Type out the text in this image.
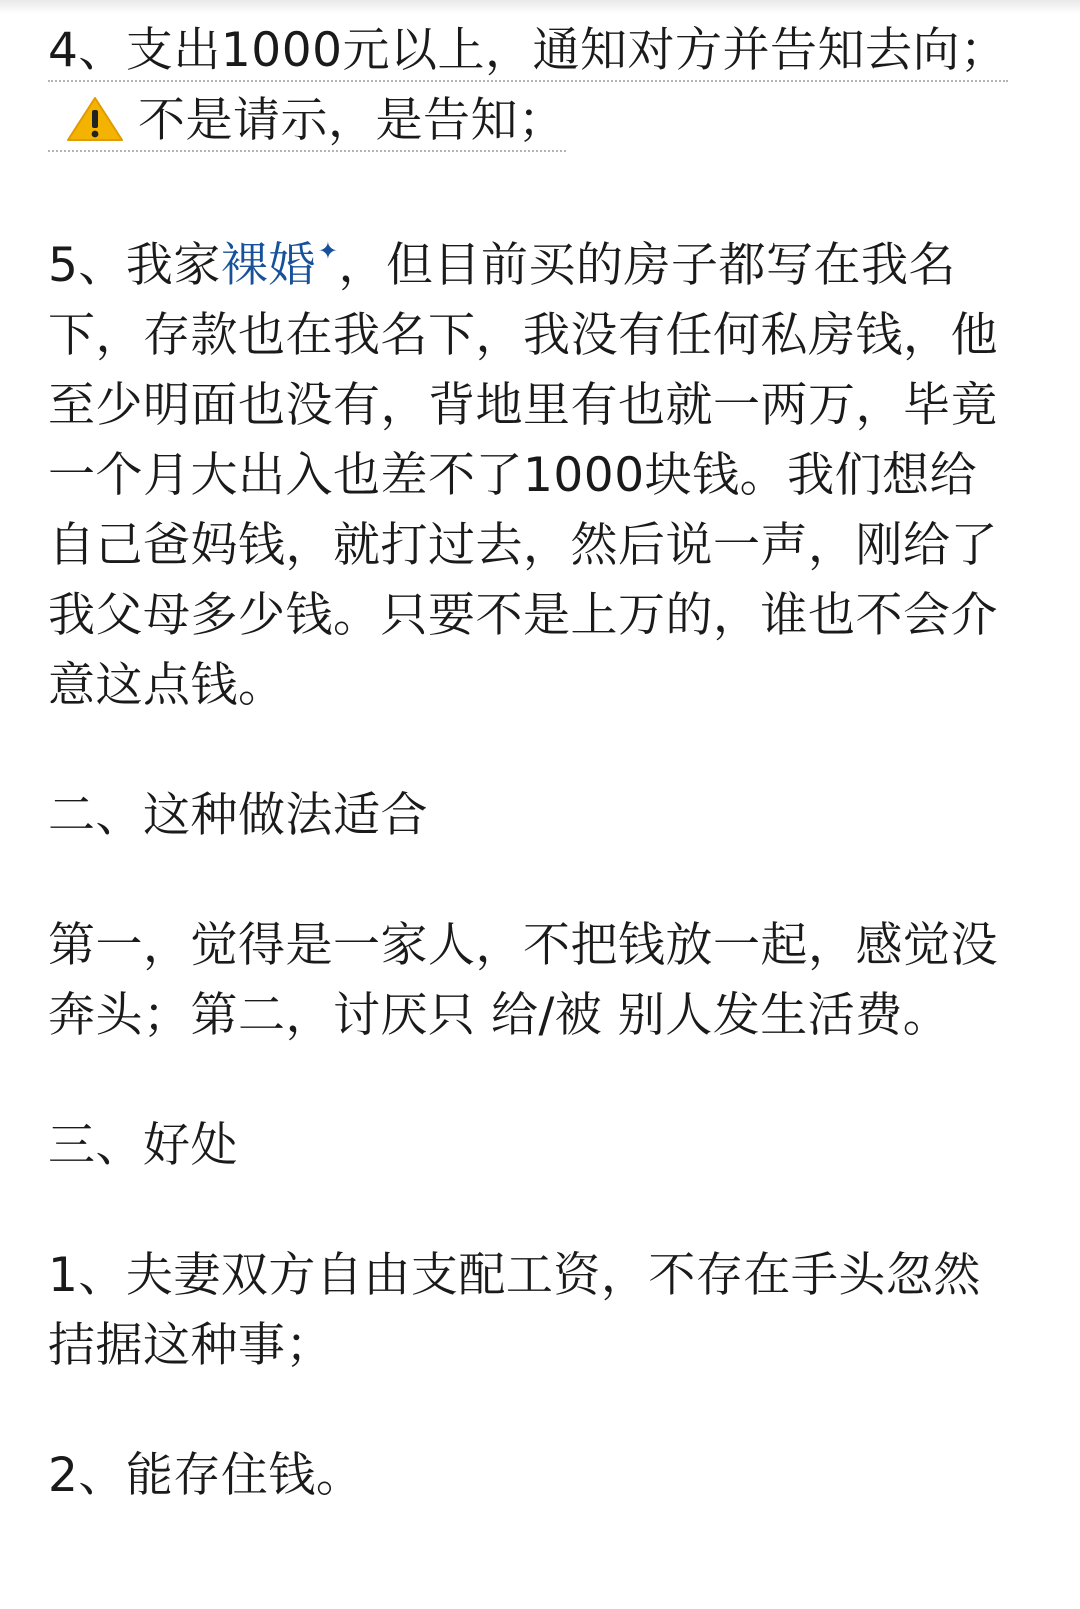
4、支出1000元以上，通知对方并告知去向；不是请示，是告知；

5、我家裸婚✦，但目前买的房子都写在我名下，存款也在我名下，我没有任何私房钱，他至少明面也没有，背地里有也就一两万，毕竟一个月大出入也差不了1000块钱。我们想给自己爸妈钱，就打过去，然后说一声，刚给了我父母多少钱。只要不是上万的，谁也不会介意这点钱。

二、这种做法适合

第一，觉得是一家人，不把钱放一起，感觉没奔头；第二，讨厌只 给/被 别人发生活费。

三、好处

1、夫妻双方自由支配工资，不存在手头忽然拮据这种事；

2、能存住钱。
